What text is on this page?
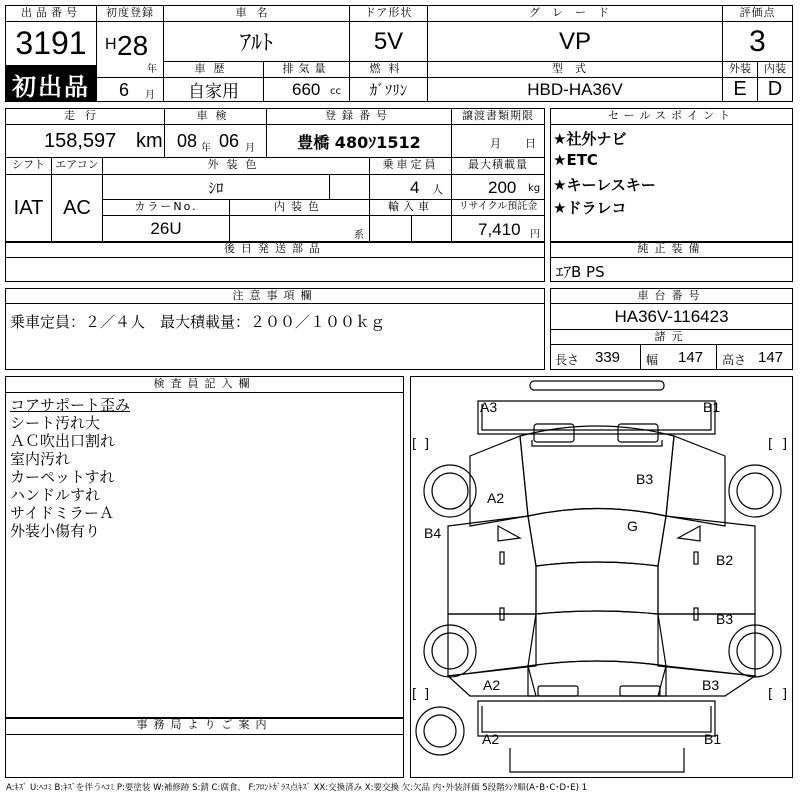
出品番号
3191
初出品
初度登録
H 28
年
6 月
車名
ｱﾙﾄ
ドア形状
5V
グレード
VP
評価点
3
車歴
自家用
排気量
660 cc
燃料
ｶﾞｿﾘﾝ
型式
HBD-HA36V
外装	内装
E	D
走行
158,597 km
車検
08 年 06 月
登録番号
豊橋 480ｿ1512
譲渡書類期限
月 日
シフト
IAT
エアコン
AC
外装色
ｼﾛ
乗車定員
4 人
最大積載量
200 kg
カラーNo.
26U
内装色
系
輸入車	リサイクル預託金
7,410 円
後日発送部品
セールスポイント
★社外ナビ
★ETC
★キーレスキー
★ドラレコ
純正装備
ｴｱB PS
注意事項欄
乗車定員：２／４人　最大積載量：２００／１００ｋｇ
車台番号
HA36V-116423
諸元
長さ 339 幅 147 高さ 147
検査員記入欄
コアサポート歪み
シート汚れ大
ＡＣ吹出口割れ
室内汚れ
カーペットすれ
ハンドルすれ
サイドミラーＡ
外装小傷有り
事務局よりご案内
[ ]	[ ]
[ ]	[ ]
A3	B1
B3
A2
G
B4
B2
B3
A2	B3
A2	B1
A:ｷｽﾞ U:ﾍｺﾐ B:ｷｽﾞを伴うﾍｺﾐ P:要塗装 W:補修跡 S:錆 C:腐食、 F:ﾌﾛﾝﾄｶﾞﾗｽ点ｷｽﾞ XX:交換済み X:要交換 欠:欠品 内･外装評価 5段階ﾗﾝｸ順(A･B･C･D･E) 1
